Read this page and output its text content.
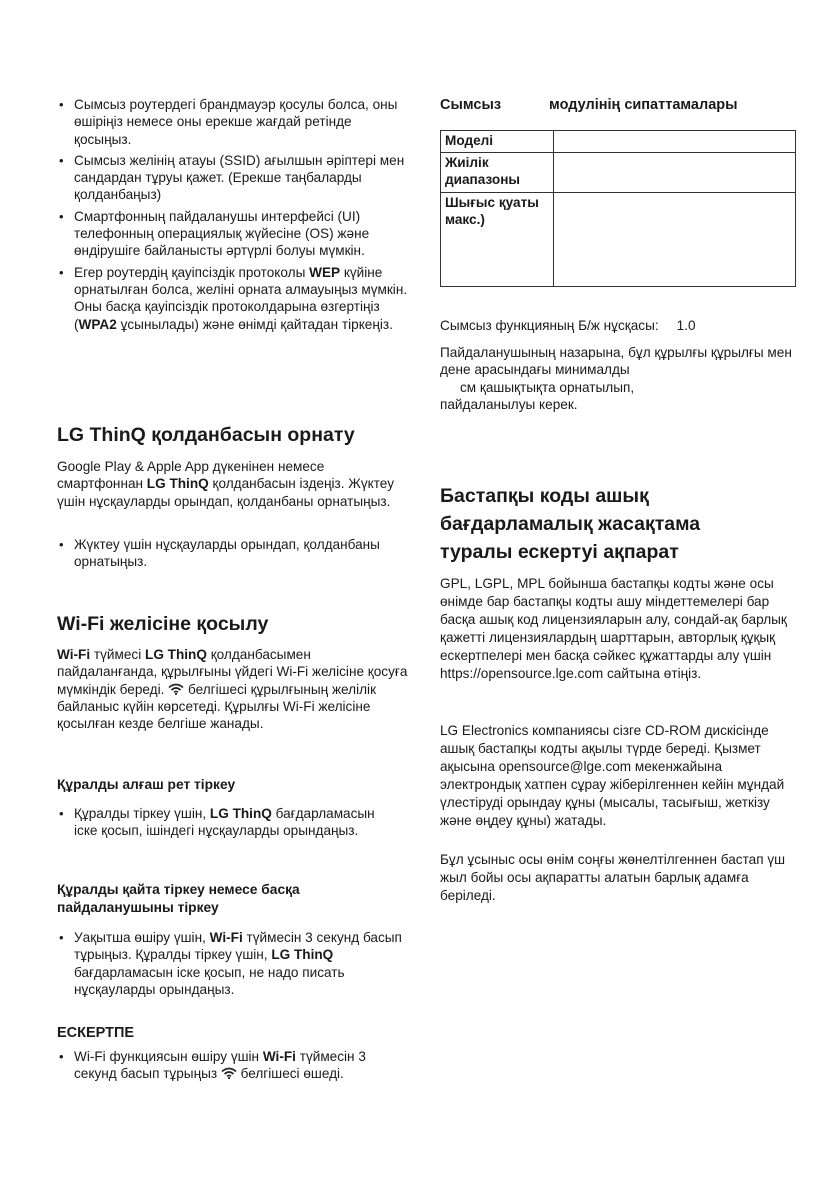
• Сымсыз роутердегі брандмауэр қосулы болса, оны өшіріңіз немесе оны ерекше жағдай ретінде қосыңыз.
• Сымсыз желінің атауы (SSID) ағылшын әріптері мен сандардан тұруы қажет. (Ерекше таңбаларды қолданбаңыз)
• Смартфонның пайдаланушы интерфейсі (UI) телефонның операциялық жүйесіне (OS) және өндірушіге байланысты әртүрлі болуы мүмкін.
• Егер роутердің қауіпсіздік протоколы WEP күйіне орнатылған болса, желіні орната алмауыңыз мүмкін. Оны басқа қауіпсіздік протоколдарына өзгертіңіз (WPA2 ұсынылады) және өнімді қайтадан тіркеңіз.
LG ThinQ қолданбасын орнату

Google Play & Apple App дүкенінен немесе смартфоннан LG ThinQ қолданбасын іздеңіз. Жүктеу үшін нұсқауларды орындап, қолданбаны орнатыңыз.

• Жүктеу үшін нұсқауларды орындап, қолданбаны орнатыңыз.
Wi-Fi желісіне қосылу

Wi-Fi түймесі LG ThinQ қолданбасымен пайдаланғанда, құрылғыны үйдегі Wi-Fi желісіне қосуға мүмкіндік береді.  белгішесі құрылғының желілік байланыс күйін көрсетеді. Құрылғы Wi-Fi желісіне қосылған кезде белгіше жанады.

Құралды алғаш рет тіркеу
• Құралды тіркеу үшін, LG ThinQ бағдарламасын іске қосып, ішіндегі нұсқауларды орындаңыз.
Құралды қайта тіркеу немесе басқа пайдаланушыны тіркеу
• Уақытша өшіру үшін, Wi-Fi түймесін 3 секунд басып тұрыңыз. Құралды тіркеу үшін, LG ThinQ бағдарламасын іске қосып, не надо писать нұсқауларды орындаңыз.
ЕСКЕРТПЕ
• Wi-Fi функциясын өшіру үшін Wi-Fi түймесін 3 секунд басып тұрыңыз  белгішесі өшеді.
Сымсыз	модулінің сипаттамалары
Моделі	
Жиілік диапазоны	
Шығыс қуаты макс.)	

Сымсыз функцияның Б/ж нұсқасы: 1.0

Пайдаланушының назарына, бұл құрылғы құрылғы мен дене арасындағы минималды
см қашықтықта орнатылып,
пайдаланылуы керек.

Бастапқы коды ашық бағдарламалық жасақтама туралы ескертуі ақпарат

GPL, LGPL, MPL бойынша бастапқы кодты және осы өнімде бар бастапқы кодты ашу міндеттемелері бар басқа ашық код лицензияларын алу, сондай-ақ барлық қажетті лицензиялардың шарттарын, авторлық құқық ескертпелері мен басқа сәйкес құжаттарды алу үшін https://opensource.lge.com сайтына өтіңіз.

LG Electronics компаниясы сізге CD-ROM дискісінде ашық бастапқы кодты ақылы түрде береді. Қызмет ақысына opensource@lge.com мекенжайына электрондық хатпен сұрау жіберілгеннен кейін мұндай үлестіруді орындау құны (мысалы, тасығыш, жеткізу және өңдеу құны) жатады.

Бұл ұсыныс осы өнім соңғы жөнелтілгеннен бастап үш жыл бойы осы ақпаратты алатын барлық адамға беріледі.
